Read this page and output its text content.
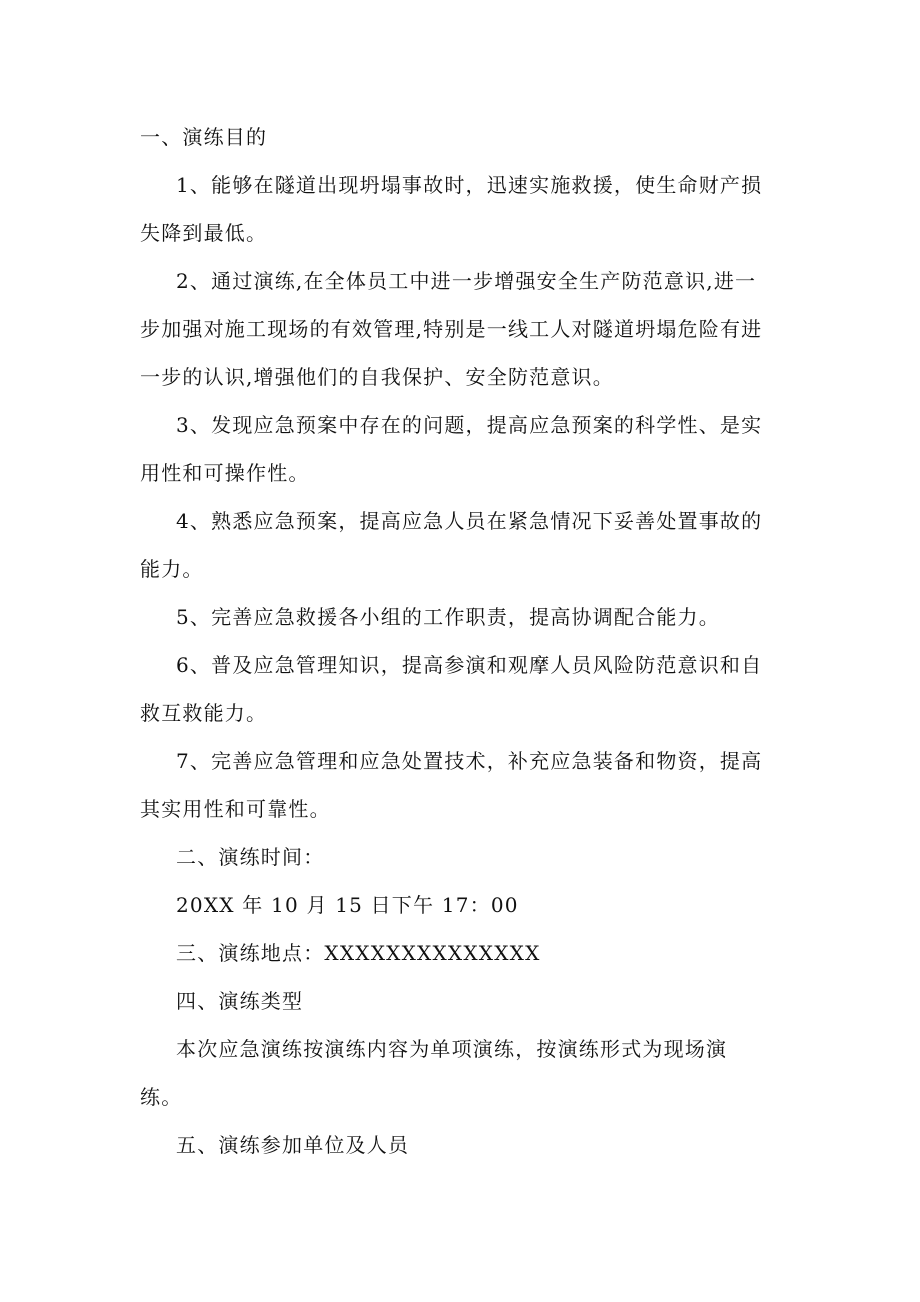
一、演练目的
1、能够在隧道出现坍塌事故时，迅速实施救援，使生命财产损
失降到最低。
2、通过演练,在全体员工中进一步增强安全生产防范意识,进一
步加强对施工现场的有效管理,特别是一线工人对隧道坍塌危险有进
一步的认识,增强他们的自我保护、安全防范意识。
3、发现应急预案中存在的问题，提高应急预案的科学性、是实
用性和可操作性。
4、熟悉应急预案，提高应急人员在紧急情况下妥善处置事故的
能力。
5、完善应急救援各小组的工作职责，提高协调配合能力。
6、普及应急管理知识，提高参演和观摩人员风险防范意识和自
救互救能力。
7、完善应急管理和应急处置技术，补充应急装备和物资，提高
其实用性和可靠性。
二、演练时间：
20XX 年 10 月 15 日下午 17：00
三、演练地点：XXXXXXXXXXXXXX
四、演练类型
本次应急演练按演练内容为单项演练，按演练形式为现场演
练。
五、演练参加单位及人员
